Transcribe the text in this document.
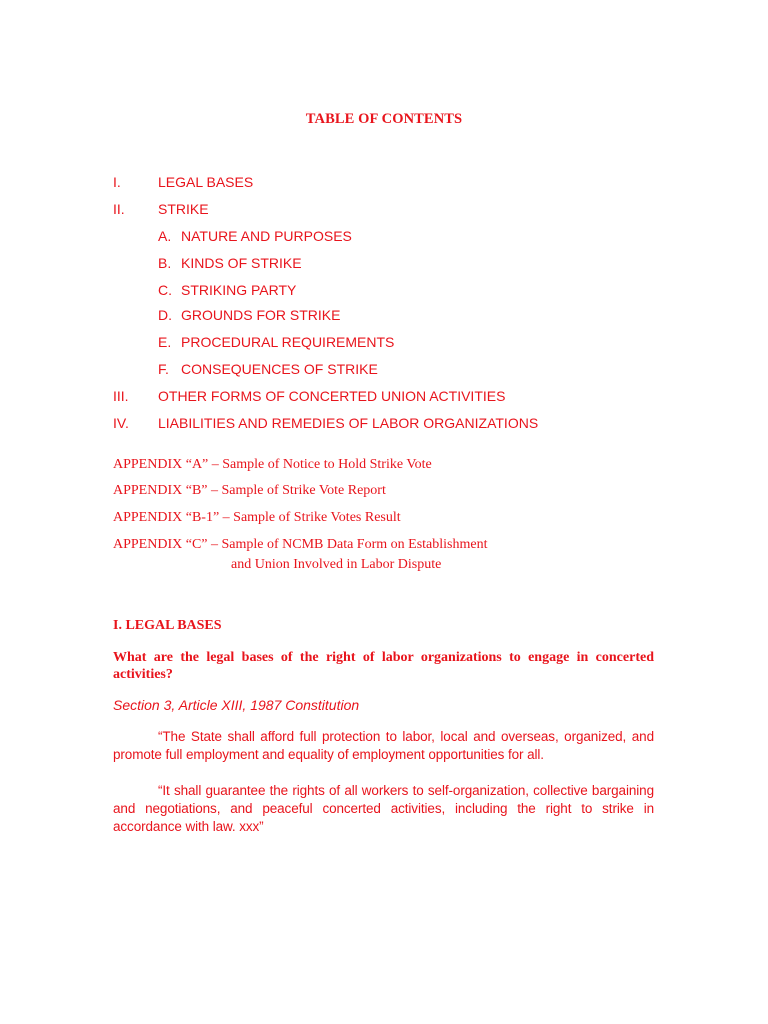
TABLE OF CONTENTS
I.	LEGAL BASES
II. STRIKE
A. NATURE AND PURPOSES
B. KINDS OF STRIKE
C. STRIKING PARTY
D. GROUNDS FOR STRIKE
E. PROCEDURAL REQUIREMENTS
F. CONSEQUENCES OF STRIKE
III. OTHER FORMS OF CONCERTED UNION ACTIVITIES
IV. LIABILITIES AND REMEDIES OF LABOR ORGANIZATIONS
APPENDIX “A” – Sample of Notice to Hold Strike Vote
APPENDIX “B” – Sample of Strike Vote Report
APPENDIX “B-1” – Sample of Strike Votes Result
APPENDIX “C” – Sample of NCMB Data Form on Establishment
and Union Involved in Labor Dispute
I. LEGAL BASES
What are the legal bases of the right of labor organizations to engage in concerted activities?
Section 3, Article XIII, 1987 Constitution
“The State shall afford full protection to labor, local and overseas, organized, and promote full employment and equality of employment opportunities for all.
“It shall guarantee the rights of all workers to self-organization, collective bargaining and negotiations, and peaceful concerted activities, including the right to strike in accordance with law. xxx”
